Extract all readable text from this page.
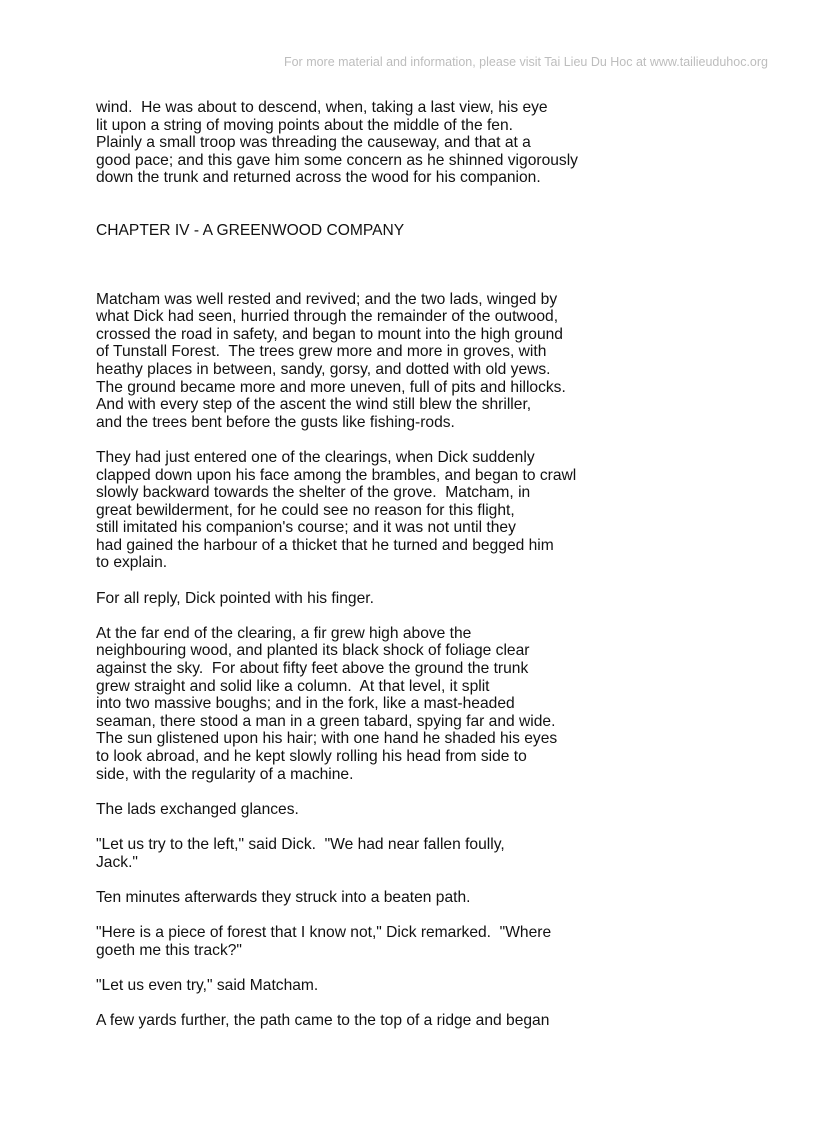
For more material and information, please visit Tai Lieu Du Hoc at www.tailieuduhoc.org
wind.  He was about to descend, when, taking a last view, his eye
lit upon a string of moving points about the middle of the fen.
Plainly a small troop was threading the causeway, and that at a
good pace; and this gave him some concern as he shinned vigorously
down the trunk and returned across the wood for his companion.
CHAPTER IV - A GREENWOOD COMPANY
Matcham was well rested and revived; and the two lads, winged by
what Dick had seen, hurried through the remainder of the outwood,
crossed the road in safety, and began to mount into the high ground
of Tunstall Forest.  The trees grew more and more in groves, with
heathy places in between, sandy, gorsy, and dotted with old yews.
The ground became more and more uneven, full of pits and hillocks.
And with every step of the ascent the wind still blew the shriller,
and the trees bent before the gusts like fishing-rods.
They had just entered one of the clearings, when Dick suddenly
clapped down upon his face among the brambles, and began to crawl
slowly backward towards the shelter of the grove.  Matcham, in
great bewilderment, for he could see no reason for this flight,
still imitated his companion's course; and it was not until they
had gained the harbour of a thicket that he turned and begged him
to explain.
For all reply, Dick pointed with his finger.
At the far end of the clearing, a fir grew high above the
neighbouring wood, and planted its black shock of foliage clear
against the sky.  For about fifty feet above the ground the trunk
grew straight and solid like a column.  At that level, it split
into two massive boughs; and in the fork, like a mast-headed
seaman, there stood a man in a green tabard, spying far and wide.
The sun glistened upon his hair; with one hand he shaded his eyes
to look abroad, and he kept slowly rolling his head from side to
side, with the regularity of a machine.
The lads exchanged glances.
"Let us try to the left," said Dick.  "We had near fallen foully,
Jack."
Ten minutes afterwards they struck into a beaten path.
"Here is a piece of forest that I know not," Dick remarked.  "Where
goeth me this track?"
"Let us even try," said Matcham.
A few yards further, the path came to the top of a ridge and began
